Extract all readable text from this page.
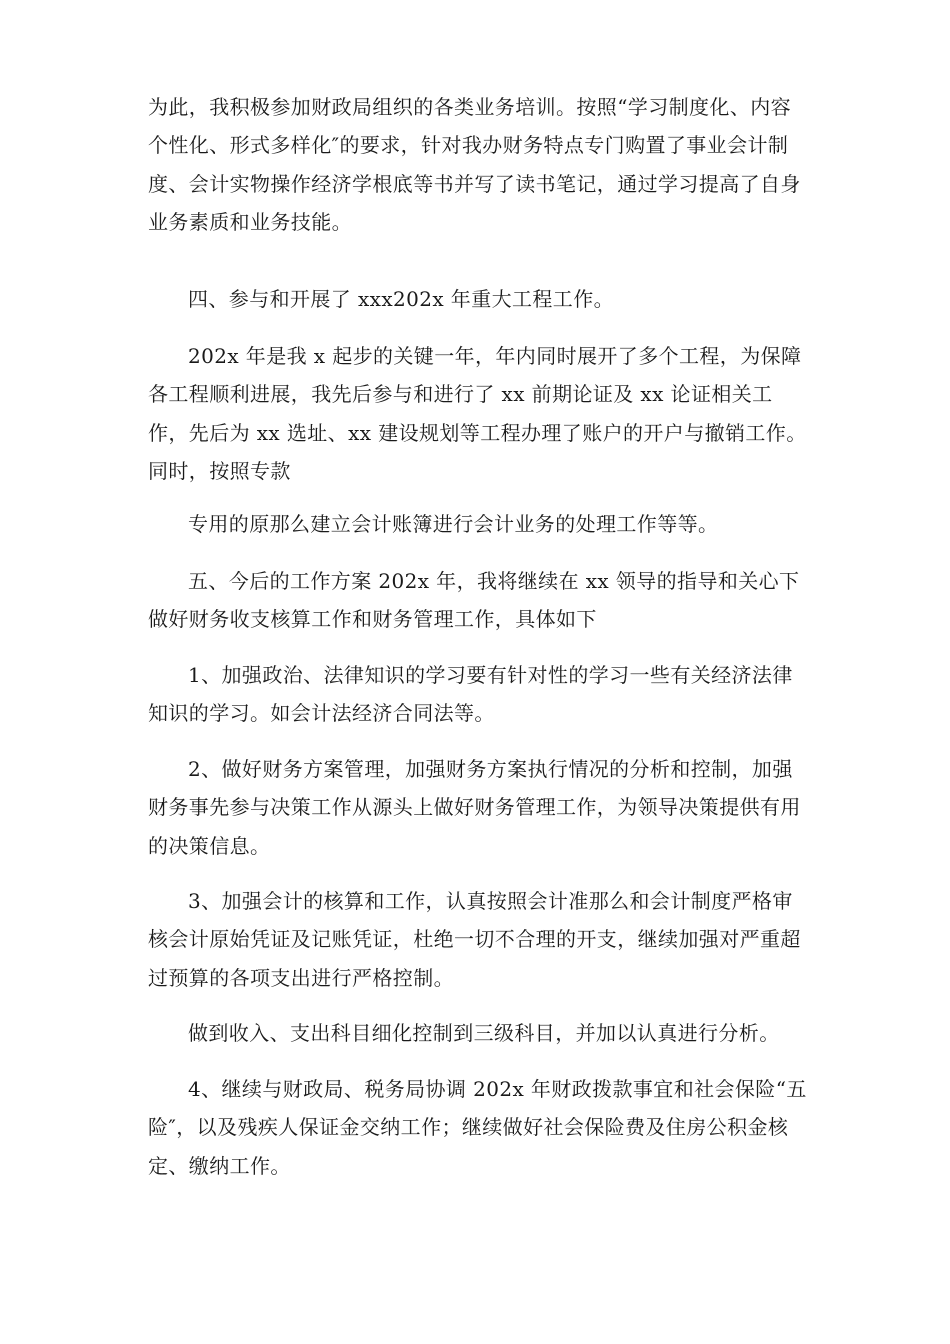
为此，我积极参加财政局组织的各类业务培训。按照“学习制度化、内容个性化、形式多样化″的要求，针对我办财务特点专门购置了事业会计制度、会计实物操作经济学根底等书并写了读书笔记，通过学习提高了自身业务素质和业务技能。

四、参与和开展了 xxx202x 年重大工程工作。

202x 年是我 x 起步的关键一年，年内同时展开了多个工程，为保障各工程顺利进展，我先后参与和进行了 xx 前期论证及 xx 论证相关工作，先后为 xx 选址、xx 建设规划等工程办理了账户的开户与撤销工作。同时，按照专款

专用的原那么建立会计账簿进行会计业务的处理工作等等。

五、今后的工作方案 202x 年，我将继续在 xx 领导的指导和关心下做好财务收支核算工作和财务管理工作，具体如下

1、加强政治、法律知识的学习要有针对性的学习一些有关经济法律知识的学习。如会计法经济合同法等。

2、做好财务方案管理，加强财务方案执行情况的分析和控制，加强财务事先参与决策工作从源头上做好财务管理工作，为领导决策提供有用的决策信息。

3、加强会计的核算和工作，认真按照会计准那么和会计制度严格审核会计原始凭证及记账凭证，杜绝一切不合理的开支，继续加强对严重超过预算的各项支出进行严格控制。

做到收入、支出科目细化控制到三级科目，并加以认真进行分析。

4、继续与财政局、税务局协调 202x 年财政拨款事宜和社会保险“五险″，以及残疾人保证金交纳工作；继续做好社会保险费及住房公积金核定、缴纳工作。
